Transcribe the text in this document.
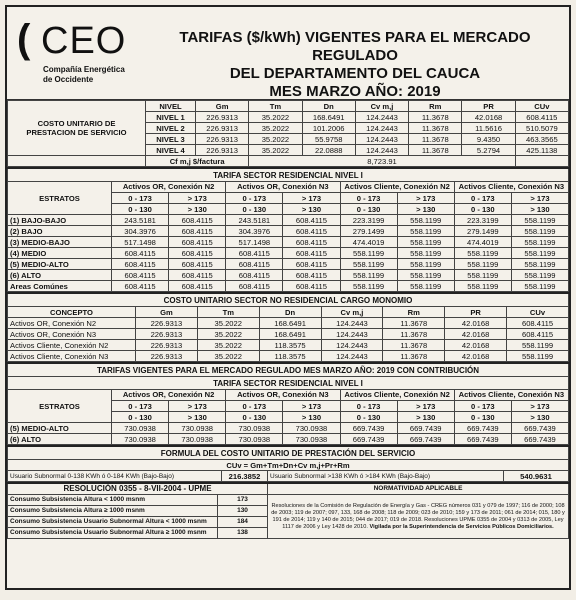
( CEO
Compañía Energética
de Occidente
TARIFAS ($/kWh) VIGENTES PARA EL MERCADO REGULADO
DEL DEPARTAMENTO DEL CAUCA
MES MARZO AÑO: 2019
COSTO UNITARIO DE
PRESTACION DE SERVICIO	NIVEL	Gm	Tm	Dn	Cv m,j	Rm	PR	CUv
	NIVEL 1	226.9313	35.2022	168.6491	124.2443	11.3678	42.0168	608.4115
	NIVEL 2	226.9313	35.2022	101.2006	124.2443	11.3678	11.5616	510.5079
	NIVEL 3	226.9313	35.2022	55.9758	124.2443	11.3678	9.4350	463.3565
	NIVEL 4	226.9313	35.2022	22.0888	124.2443	11.3678	5.2794	425.1138
	Cf m,j $/factura		8,723.91					
TARIFA SECTOR RESIDENCIAL NIVEL I								
ESTRATOS	Activos OR, Conexión N2		Activos OR, Conexión N3		Activos Cliente, Conexión N2		Activos Cliente, Conexión N3	
	0 - 173	> 173	0 - 173	> 173	0 - 173	> 173	0 - 173	> 173
	0 - 130	> 130	0 - 130	> 130	0 - 130	> 130	0 - 130	> 130
(1) BAJO-BAJO	243.5181	608.4115	243.5181	608.4115	223.3199	558.1199	223.3199	558.1199
(2) BAJO	304.3976	608.4115	304.3976	608.4115	279.1499	558.1199	279.1499	558.1199
(3) MEDIO-BAJO	517.1498	608.4115	517.1498	608.4115	474.4019	558.1199	474.4019	558.1199
(4) MEDIO	608.4115	608.4115	608.4115	608.4115	558.1199	558.1199	558.1199	558.1199
(5) MEDIO-ALTO	608.4115	608.4115	608.4115	608.4115	558.1199	558.1199	558.1199	558.1199
(6) ALTO	608.4115	608.4115	608.4115	608.4115	558.1199	558.1199	558.1199	558.1199
Areas Comúnes	608.4115	608.4115	608.4115	608.4115	558.1199	558.1199	558.1199	558.1199
COSTO UNITARIO SECTOR NO RESIDENCIAL CARGO MONOMIO							
CONCEPTO	Gm	Tm	Dn	Cv m,j	Rm	PR	CUv
Activos OR, Conexión N2	226.9313	35.2022	168.6491	124.2443	11.3678	42.0168	608.4115
Activos OR, Conexión N3	226.9313	35.2022	168.6491	124.2443	11.3678	42.0168	608.4115
Activos Cliente, Conexión N2	226.9313	35.2022	118.3575	124.2443	11.3678	42.0168	558.1199
Activos Cliente, Conexión N3	226.9313	35.2022	118.3575	124.2443	11.3678	42.0168	558.1199
TARIFAS VIGENTES PARA EL MERCADO REGULADO MES MARZO AÑO: 2019 CON CONTRIBUCIÓN								
TARIFA SECTOR RESIDENCIAL NIVEL I								
ESTRATOS	Activos OR, Conexión N2		Activos OR, Conexión N3		Activos Cliente, Conexión N2		Activos Cliente, Conexión N3	
	0 - 173	> 173	0 - 173	> 173	0 - 173	> 173	0 - 173	> 173
	0 - 130	> 130	0 - 130	> 130	0 - 130	> 130	0 - 130	> 130
(5) MEDIO-ALTO	730.0938	730.0938	730.0938	730.0938	669.7439	669.7439	669.7439	669.7439
(6) ALTO	730.0938	730.0938	730.0938	730.0938	669.7439	669.7439	669.7439	669.7439
FORMULA DEL COSTO UNITARIO DE PRESTACIÓN DEL SERVICIO
CUv = Gm+Tm+Dn+Cv m,j+Pr+Rm
Usuario Subnormal 0-138 KWh ó 0-184 KWh (Bajo-Bajo)	216.3852	Usuario Subnormal >138 KWh ó >184 KWh (Bajo-Bajo)	540.9631
RESOLUCIÓN 0355 - 8-VII-2004 - UPME		NORMATIVIDAD APLICABLE
Consumo Subsistencia Altura < 1000 msnm	173	Resoluciones de la Comisión de Regulación de Energía y Gas - CREG números 031 y 079 de 1997; 116 de 2000; 108 de 2003; 119 de 2007; 097, 133, 168 de 2008; 118 de 2009; 023 de 2010; 159 y 173 de 2011; 061 de 2014; 015, 180 y 191 de 2014; 119 y 140 de 2015; 044 de 2017; 019 de 2018. Resoluciones UPME 0355 de 2004 y 0313 de 2005, Ley 1117 de 2006 y Ley 1428 de 2010. Vigilada por la Superintendencia de Servicios Públicos Domiciliarios.
Consumo Subsistencia Altura ≥ 1000 msnm	130	
Consumo Subsistencia Usuario Subnormal Altura < 1000 msnm	184	
Consumo Subsistencia Usuario Subnormal Altura ≥ 1000 msnm	138	
